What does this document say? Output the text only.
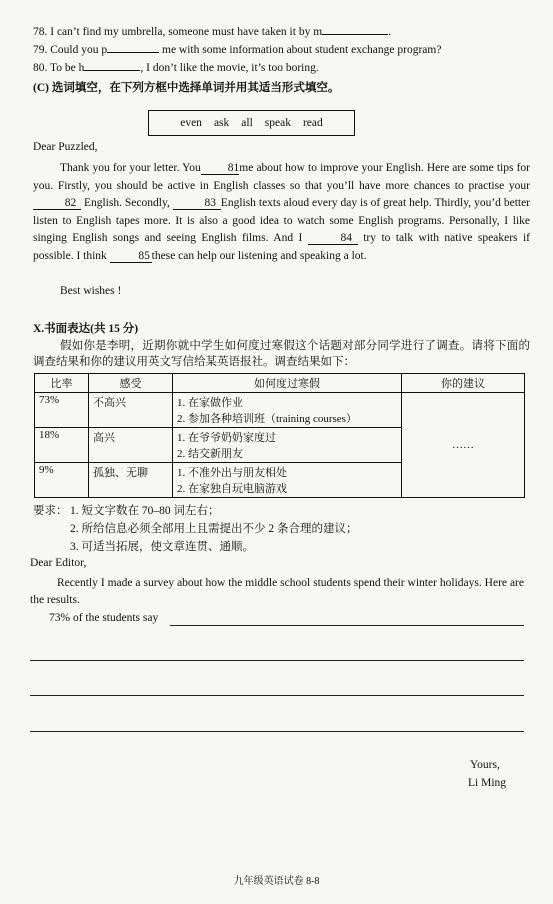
78. I can’t find my umbrella, someone must have taken it by m	.
79. Could you p	me with some information about student exchange program?
80. To be h	, I don’t like the movie, it’s too boring.
(C) 选词填空，在下列方框中选择单词并用其适当形式填空。
even ask all speak read
Dear Puzzled,
Thank you for your letter. You 81me about how to improve your English. Here are some tips for you. Firstly, you should be active in English classes so that you’ll have more chances to practise your82 English. Secondly,	83 English texts aloud every day is of great help. Thirdly, you’d better listen to English tapes more. It is also a good idea to watch some English programs. Personally, I like singing English songs and seeing English films. And I	84 try to talk with native speakers if possible. I think	85 these can help our listening and speaking a lot.
Best wishes !
X.书面表达(共 15 分)
假如你是李明，近期你就中学生如何度过寒假这个话题对部分同学进行了调查。请将下面的调查结果和你的建议用英文写信给某英语报社。调查结果如下：
比率	感受	如何度过寒假	你的建议
73%	不高兴	1. 在家做作业
2. 参加各种培训班（training courses）	……
18%	高兴	1. 在爷爷奶奶家度过
2. 结交新朋友	

9%	孤独、无聊	1. 不准外出与朋友相处
2. 在家独自玩电脑游戏	
要求： 1. 短文字数在 70–80 词左右；
2. 所给信息必须全部用上且需提出不少 2 条合理的建议；
3. 可适当拓展，使文章连贯、通顺。
Dear Editor,
Recently I made a survey about how the middle school students spend their winter holidays. Here are the results.
73% of the students say
Yours,
Li Ming
九年级英语试卷 8-8
